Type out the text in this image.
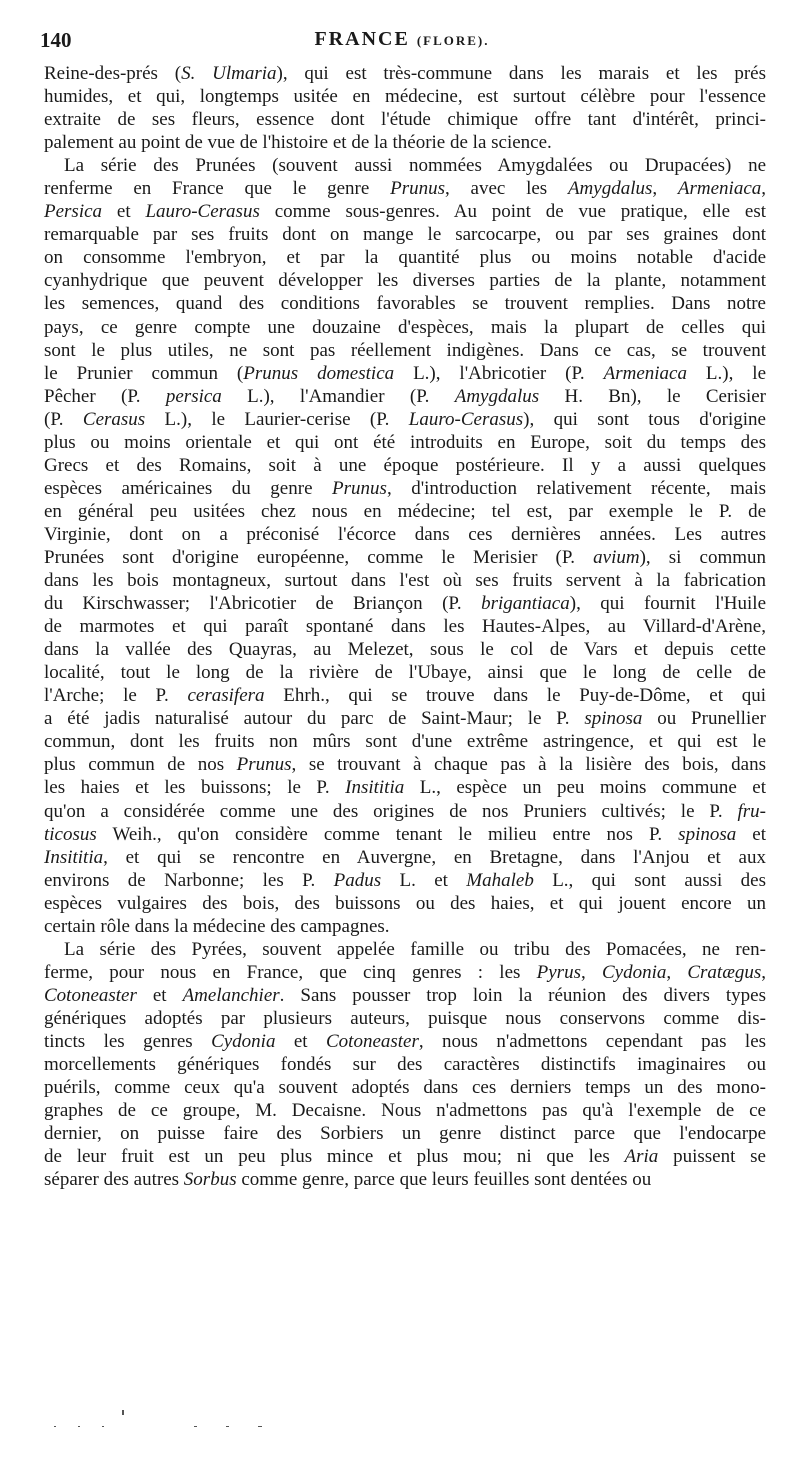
140	FRANCE (FLORE).
Reine-des-prés (S. Ulmaria), qui est très-commune dans les marais et les prés
humides, et qui, longtemps usitée en médecine, est surtout célèbre pour l'essence
extraite de ses fleurs, essence dont l'étude chimique offre tant d'intérêt, princi-
palement au point de vue de l'histoire et de la théorie de la science.
La série des Prunées (souvent aussi nommées Amygdalées ou Drupacées) ne
renferme en France que le genre Prunus, avec les Amygdalus, Armeniaca,
Persica et Lauro-Cerasus comme sous-genres. Au point de vue pratique, elle est
remarquable par ses fruits dont on mange le sarcocarpe, ou par ses graines dont
on consomme l'embryon, et par la quantité plus ou moins notable d'acide
cyanhydrique que peuvent développer les diverses parties de la plante, notamment
les semences, quand des conditions favorables se trouvent remplies. Dans notre
pays, ce genre compte une douzaine d'espèces, mais la plupart de celles qui
sont le plus utiles, ne sont pas réellement indigènes. Dans ce cas, se trouvent
le Prunier commun (Prunus domestica L.), l'Abricotier (P. Armeniaca L.), le
Pêcher (P. persica L.), l'Amandier (P. Amygdalus H. Bn), le Cerisier
(P. Cerasus L.), le Laurier-cerise (P. Lauro-Cerasus), qui sont tous d'origine
plus ou moins orientale et qui ont été introduits en Europe, soit du temps des
Grecs et des Romains, soit à une époque postérieure. Il y a aussi quelques
espèces américaines du genre Prunus, d'introduction relativement récente, mais
en général peu usitées chez nous en médecine; tel est, par exemple le P. de
Virginie, dont on a préconisé l'écorce dans ces dernières années. Les autres
Prunées sont d'origine européenne, comme le Merisier (P. avium), si commun
dans les bois montagneux, surtout dans l'est où ses fruits servent à la fabrication
du Kirschwasser; l'Abricotier de Briançon (P. brigantiaca), qui fournit l'Huile
de marmotes et qui paraît spontané dans les Hautes-Alpes, au Villard-d'Arène,
dans la vallée des Quayras, au Melezet, sous le col de Vars et depuis cette
localité, tout le long de la rivière de l'Ubaye, ainsi que le long de celle de
l'Arche; le P. cerasifera Ehrh., qui se trouve dans le Puy-de-Dôme, et qui
a été jadis naturalisé autour du parc de Saint-Maur; le P. spinosa ou Prunellier
commun, dont les fruits non mûrs sont d'une extrême astringence, et qui est le
plus commun de nos Prunus, se trouvant à chaque pas à la lisière des bois, dans
les haies et les buissons; le P. Insititia L., espèce un peu moins commune et
qu'on a considérée comme une des origines de nos Pruniers cultivés; le P. fru-
ticosus Weih., qu'on considère comme tenant le milieu entre nos P. spinosa et
Insititia, et qui se rencontre en Auvergne, en Bretagne, dans l'Anjou et aux
environs de Narbonne; les P. Padus L. et Mahaleb L., qui sont aussi des
espèces vulgaires des bois, des buissons ou des haies, et qui jouent encore un
certain rôle dans la médecine des campagnes.
La série des Pyrées, souvent appelée famille ou tribu des Pomacées, ne ren-
ferme, pour nous en France, que cinq genres : les Pyrus, Cydonia, Cratægus,
Cotoneaster et Amelanchier. Sans pousser trop loin la réunion des divers types
génériques adoptés par plusieurs auteurs, puisque nous conservons comme dis-
tincts les genres Cydonia et Cotoneaster, nous n'admettons cependant pas les
morcellements génériques fondés sur des caractères distinctifs imaginaires ou
puérils, comme ceux qu'a souvent adoptés dans ces derniers temps un des mono-
graphes de ce groupe, M. Decaisne. Nous n'admettons pas qu'à l'exemple de ce
dernier, on puisse faire des Sorbiers un genre distinct parce que l'endocarpe
de leur fruit est un peu plus mince et plus mou; ni que les Aria puissent se
séparer des autres Sorbus comme genre, parce que leurs feuilles sont dentées ou
